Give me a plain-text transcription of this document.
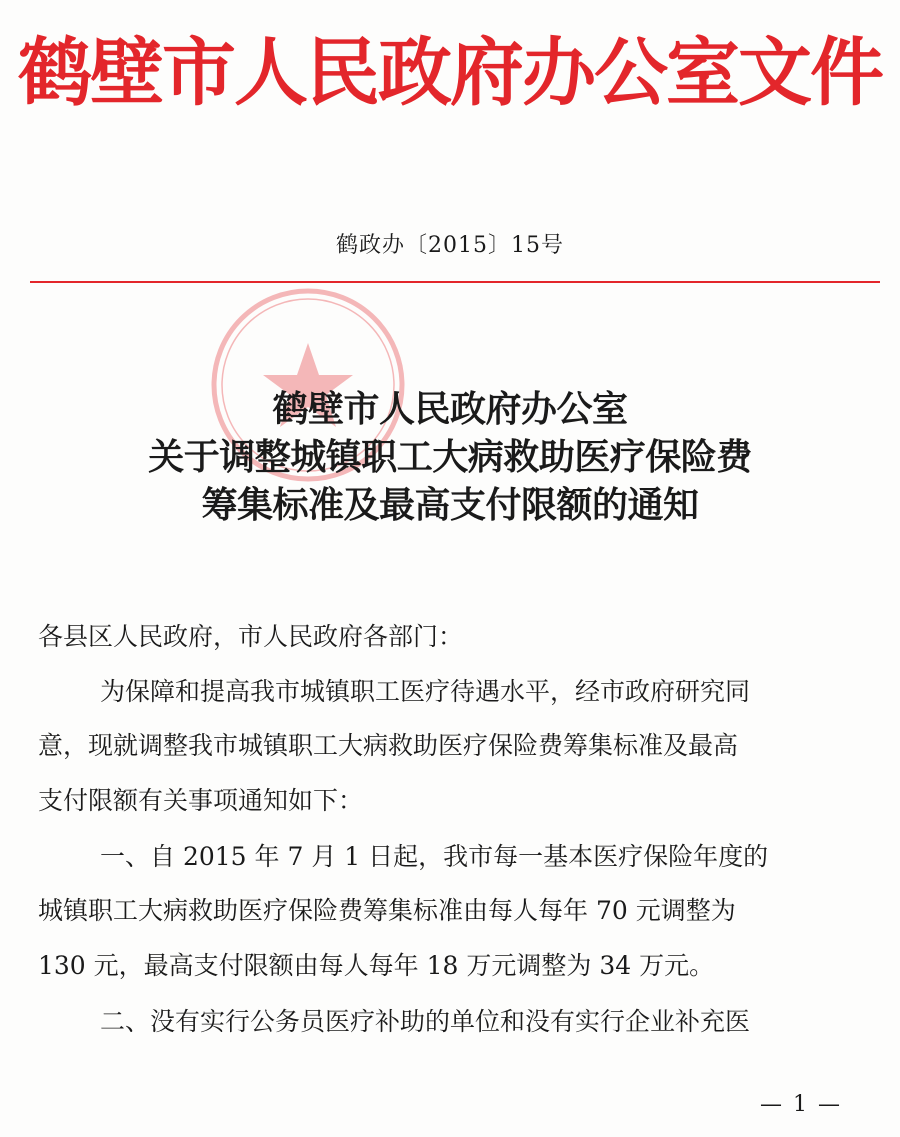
鹤壁市人民政府办公室文件
鹤政办〔2015〕15号
鹤壁市人民政府办公室
关于调整城镇职工大病救助医疗保险费
筹集标准及最高支付限额的通知
各县区人民政府，市人民政府各部门：
为保障和提高我市城镇职工医疗待遇水平，经市政府研究同
意，现就调整我市城镇职工大病救助医疗保险费筹集标准及最高
支付限额有关事项通知如下：
一、自 2015 年 7 月 1 日起，我市每一基本医疗保险年度的
城镇职工大病救助医疗保险费筹集标准由每人每年 70 元调整为
130 元，最高支付限额由每人每年 18 万元调整为 34 万元。
二、没有实行公务员医疗补助的单位和没有实行企业补充医
— 1 —
